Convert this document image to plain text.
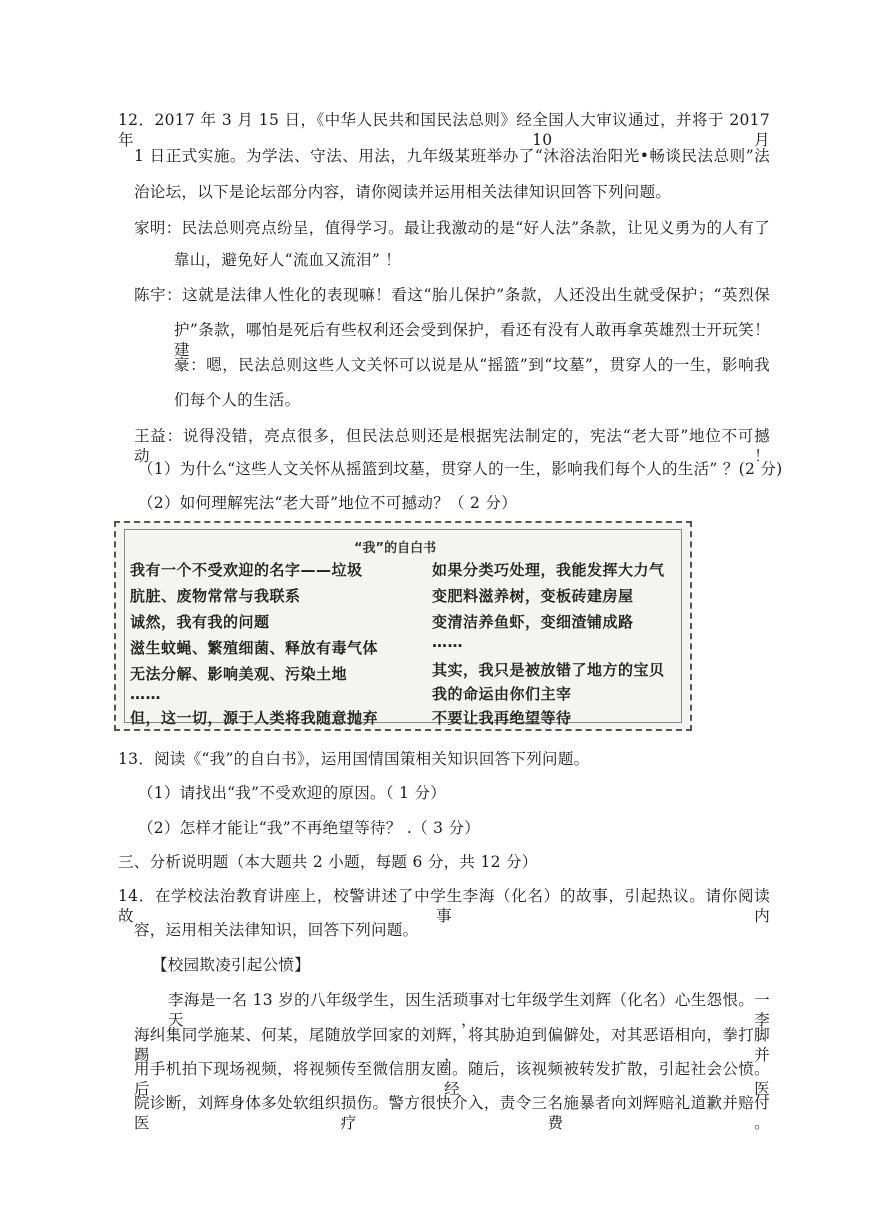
12．2017 年 3 月 15 日，《中华人民共和国民法总则》经全国人大审议通过，并将于 2017 年 10 月
1 日正式实施。为学法、守法、用法，九年级某班举办了“沐浴法治阳光•畅谈民法总则”法
治论坛，以下是论坛部分内容，请你阅读并运用相关法律知识回答下列问题。
家明：民法总则亮点纷呈，值得学习。最让我激动的是“好人法”条款，让见义勇为的人有了
靠山，避免好人“流血又流泪” ！
陈宇：这就是法律人性化的表现嘛！看这“胎儿保护”条款，人还没出生就受保护；“英烈保
护”条款，哪怕是死后有些权利还会受到保护，看还有没有人敢再拿英雄烈士开玩笑！建
豪：嗯，民法总则这些人文关怀可以说是从“摇篮”到“坟墓”，贯穿人的一生，影响我
们每个人的生活。
王益：说得没错，亮点很多，但民法总则还是根据宪法制定的，宪法“老大哥”地位不可撼动！
（1）为什么“这些人文关怀从摇篮到坟墓，贯穿人的一生，影响我们每个人的生活” ？(2 分)
（2）如何理解宪法“老大哥”地位不可撼动？（ 2 分）
“我”的自白书
我有一个不受欢迎的名字——垃圾
肮脏、废物常常与我联系
诚然，我有我的问题
滋生蚊蝇、繁殖细菌、释放有毒气体
无法分解、影响美观、污染土地
……
但，这一切，源于人类将我随意抛弃
如果分类巧处理，我能发挥大力气
变肥料滋养树，变板砖建房屋
变清洁养鱼虾，变细渣铺成路
……
其实，我只是被放错了地方的宝贝
我的命运由你们主宰
不要让我再绝望等待
13．阅读《“我”的自白书》，运用国情国策相关知识回答下列问题。
（1）请找出“我”不受欢迎的原因。（ 1 分）
（2）怎样才能让“我”不再绝望等待？ .（ 3 分）
三、分析说明题（本大题共 2 小题，每题 6 分，共 12 分）
14．在学校法治教育讲座上，校警讲述了中学生李海（化名）的故事，引起热议。请你阅读故事内
容，运用相关法律知识，回答下列问题。
【校园欺凌引起公愤】
李海是一名 13 岁的八年级学生，因生活琐事对七年级学生刘辉（化名）心生怨恨。一天，李
海纠集同学施某、何某，尾随放学回家的刘辉，将其胁迫到偏僻处，对其恶语相向，拳打脚踢，并
用手机拍下现场视频，将视频传至微信朋友圈。随后，该视频被转发扩散，引起社会公愤。后经医
院诊断，刘辉身体多处软组织损伤。警方很快介入，责令三名施暴者向刘辉赔礼道歉并赔付医疗费。
